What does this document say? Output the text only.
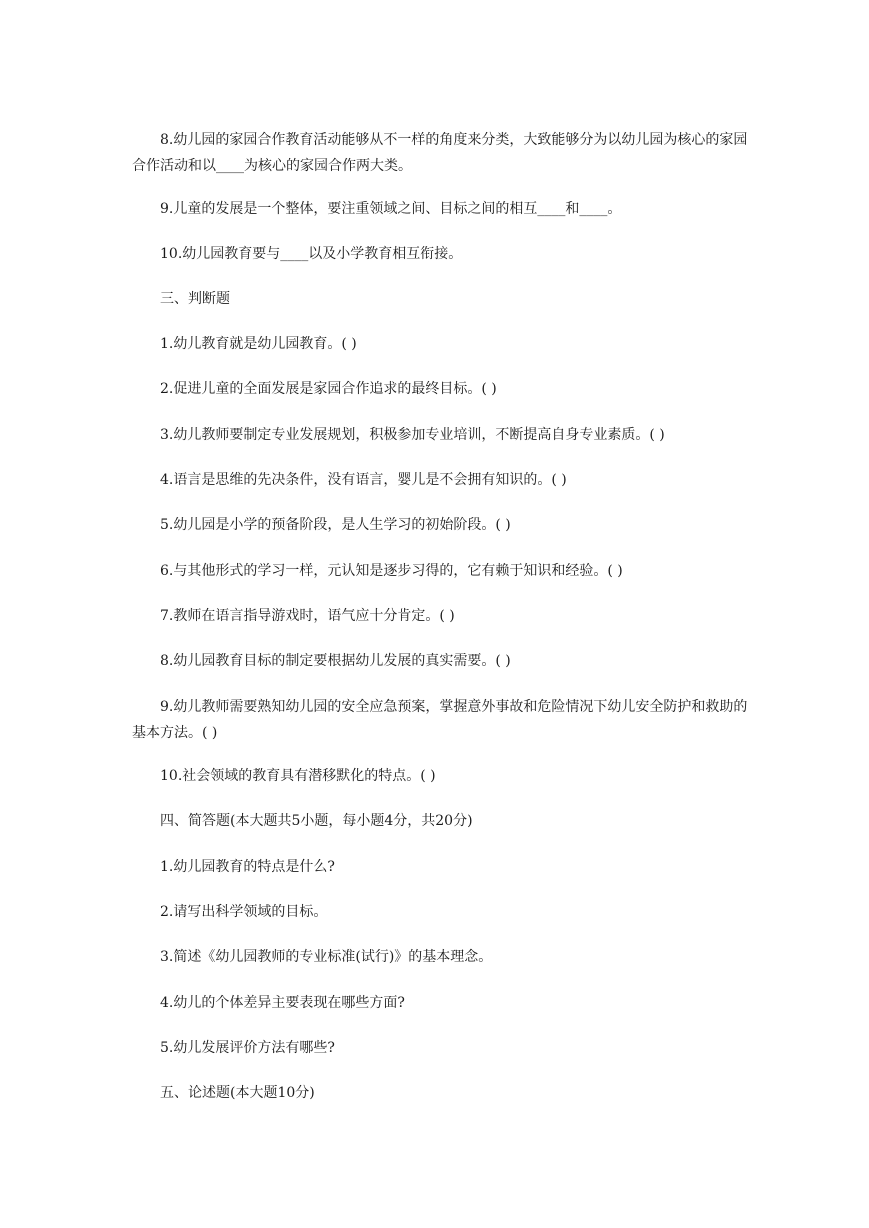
8.幼儿园的家园合作教育活动能够从不一样的角度来分类，大致能够分为以幼儿园为核心的家园合作活动和以____为核心的家园合作两大类。
9.儿童的发展是一个整体，要注重领域之间、目标之间的相互____和____。
10.幼儿园教育要与____以及小学教育相互衔接。
三、判断题
1.幼儿教育就是幼儿园教育。( )
2.促进儿童的全面发展是家园合作追求的最终目标。( )
3.幼儿教师要制定专业发展规划，积极参加专业培训，不断提高自身专业素质。( )
4.语言是思维的先决条件，没有语言，婴儿是不会拥有知识的。( )
5.幼儿园是小学的预备阶段，是人生学习的初始阶段。( )
6.与其他形式的学习一样，元认知是逐步习得的，它有赖于知识和经验。( )
7.教师在语言指导游戏时，语气应十分肯定。( )
8.幼儿园教育目标的制定要根据幼儿发展的真实需要。( )
9.幼儿教师需要熟知幼儿园的安全应急预案，掌握意外事故和危险情况下幼儿安全防护和救助的基本方法。( )
10.社会领域的教育具有潜移默化的特点。( )
四、简答题(本大题共5小题，每小题4分，共20分)
1.幼儿园教育的特点是什么?
2.请写出科学领域的目标。
3.简述《幼儿园教师的专业标准(试行)》的基本理念。
4.幼儿的个体差异主要表现在哪些方面?
5.幼儿发展评价方法有哪些?
五、论述题(本大题10分)
